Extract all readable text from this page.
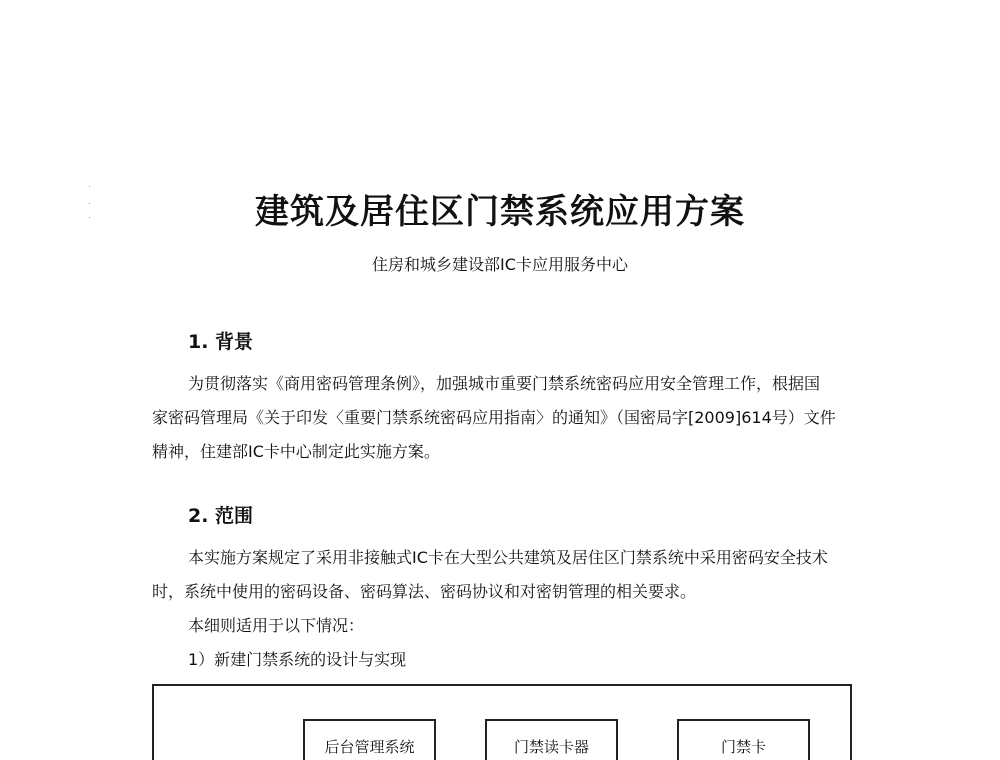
建筑及居住区门禁系统应用方案

住房和城乡建设部IC卡应用服务中心

1. 背景

为贯彻落实《商用密码管理条例》，加强城市重要门禁系统密码应用安全管理工作，根据国

家密码管理局《关于印发〈重要门禁系统密码应用指南〉的通知》（国密局字[2009]614号）文件

精神，住建部IC卡中心制定此实施方案。

2. 范围

本实施方案规定了采用非接触式IC卡在大型公共建筑及居住区门禁系统中采用密码安全技术

时，系统中使用的密码设备、密码算法、密码协议和对密钥管理的相关要求。

本细则适用于以下情况：

1）新建门禁系统的设计与实现

后台管理系统	门禁读卡器	门禁卡
